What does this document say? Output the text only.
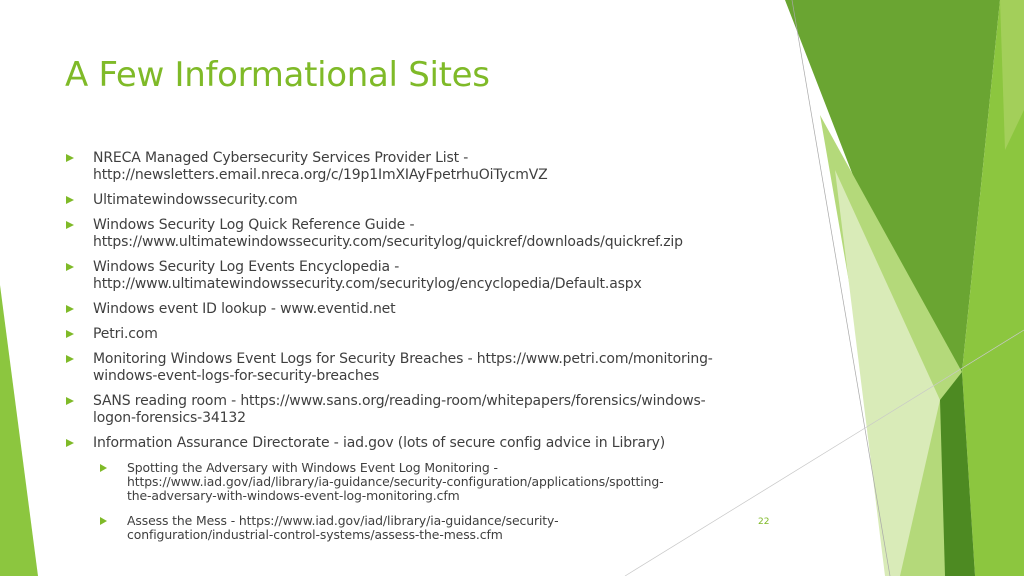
A Few Informational Sites
NRECA Managed Cybersecurity Services Provider List -
http://newsletters.email.nreca.org/c/19p1ImXIAyFpetrhuOiTycmVZ
Ultimatewindowssecurity.com
Windows Security Log Quick Reference Guide -
https://www.ultimatewindowssecurity.com/securitylog/quickref/downloads/quickref.zip
Windows Security Log Events Encyclopedia -
http://www.ultimatewindowssecurity.com/securitylog/encyclopedia/Default.aspx
Windows event ID lookup - www.eventid.net
Petri.com
Monitoring Windows Event Logs for Security Breaches - https://www.petri.com/monitoring-
windows-event-logs-for-security-breaches
SANS reading room - https://www.sans.org/reading-room/whitepapers/forensics/windows-
logon-forensics-34132
Information Assurance Directorate - iad.gov (lots of secure config advice in Library)
Spotting the Adversary with Windows Event Log Monitoring -
https://www.iad.gov/iad/library/ia-guidance/security-configuration/applications/spotting-
the-adversary-with-windows-event-log-monitoring.cfm
Assess the Mess - https://www.iad.gov/iad/library/ia-guidance/security-
configuration/industrial-control-systems/assess-the-mess.cfm
22
